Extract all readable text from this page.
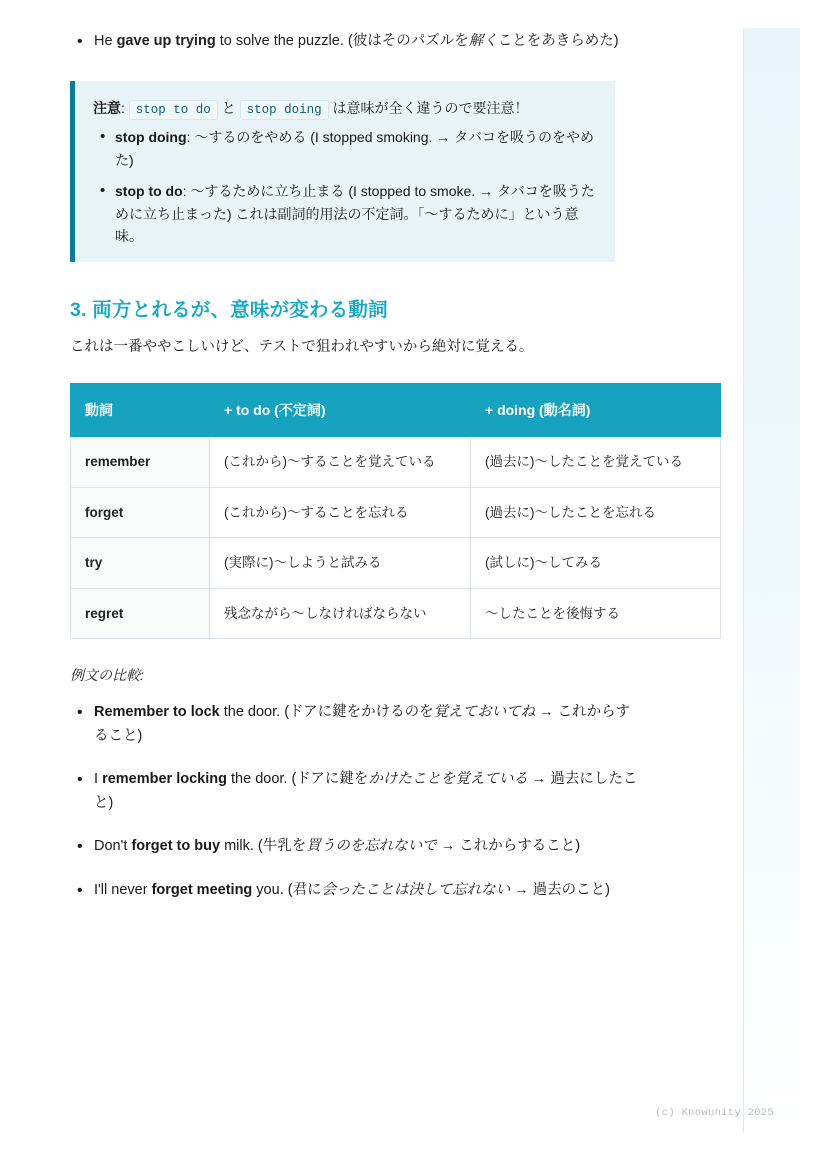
• He gave up trying to solve the puzzle. (彼はそのパズルを解くことをあきらめた)
注意: stop to do と stop doing は意味が全く違うので要注意！
• stop doing: 〜するのをやめる (I stopped smoking. → タバコを吸うのをやめた)
• stop to do: 〜するために立ち止まる (I stopped to smoke. → タバコを吸うために立ち止まった) これは副詞的用法の不定詞。「〜するために」という意味。
3. 両方とれるが、意味が変わる動詞

これは一番ややこしいけど、テストで狙われやすいから絶対に覚える。

動詞	+ to do (不定詞)	+ doing (動名詞)
remember	(これから)〜することを覚えている	(過去に)〜したことを覚えている
forget	(これから)〜することを忘れる	(過去に)〜したことを忘れる
try	(実際に)〜しようと試みる	(試しに)〜してみる
regret	残念ながら〜しなければならない	〜したことを後悔する

例文の比較:

• Remember to lock the door. (ドアに鍵をかけるのを覚えておいてね → これからすること)
• I remember locking the door. (ドアに鍵をかけたことを覚えている → 過去にしたこと)
• Don't forget to buy milk. (牛乳を買うのを忘れないで → これからすること)
• I'll never forget meeting you. (君に会ったことは決して忘れない → 過去のこと)
(c) Knowunity 2025
